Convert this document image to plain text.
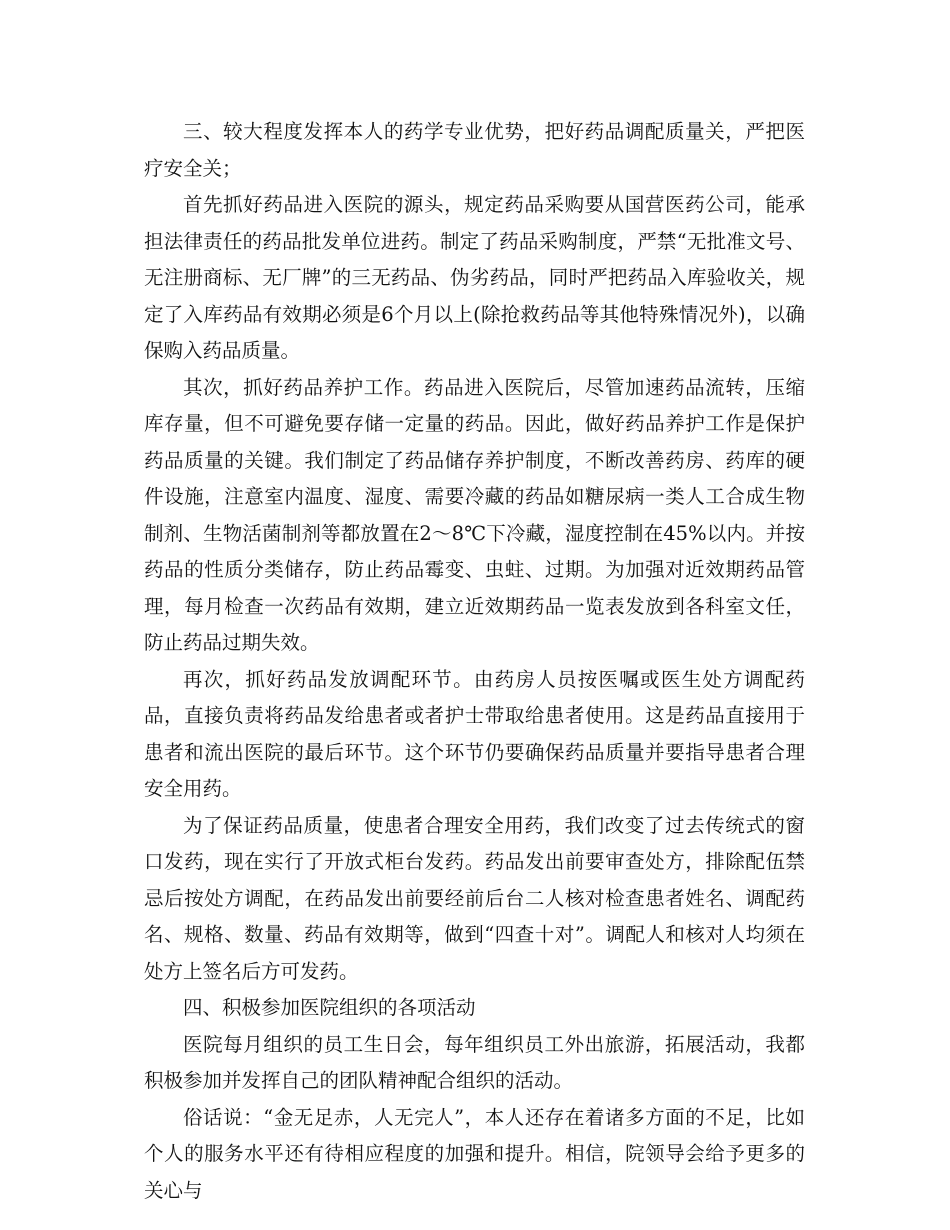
三、较大程度发挥本人的药学专业优势，把好药品调配质量关，严把医疗安全关；

首先抓好药品进入医院的源头，规定药品采购要从国营医药公司，能承担法律责任的药品批发单位进药。制定了药品采购制度，严禁“无批准文号、无注册商标、无厂牌”的三无药品、伪劣药品，同时严把药品入库验收关，规定了入库药品有效期必须是6个月以上(除抢救药品等其他特殊情况外)，以确保购入药品质量。

其次，抓好药品养护工作。药品进入医院后，尽管加速药品流转，压缩库存量，但不可避免要存储一定量的药品。因此，做好药品养护工作是保护药品质量的关键。我们制定了药品储存养护制度，不断改善药房、药库的硬件设施，注意室内温度、湿度、需要冷藏的药品如糖尿病一类人工合成生物制剂、生物活菌制剂等都放置在2～8℃下冷藏，湿度控制在45%以内。并按药品的性质分类储存，防止药品霉变、虫蛀、过期。为加强对近效期药品管理，每月检查一次药品有效期，建立近效期药品一览表发放到各科室文任，防止药品过期失效。

再次，抓好药品发放调配环节。由药房人员按医嘱或医生处方调配药品，直接负责将药品发给患者或者护士带取给患者使用。这是药品直接用于患者和流出医院的最后环节。这个环节仍要确保药品质量并要指导患者合理安全用药。

为了保证药品质量，使患者合理安全用药，我们改变了过去传统式的窗口发药，现在实行了开放式柜台发药。药品发出前要审查处方，排除配伍禁忌后按处方调配，在药品发出前要经前后台二人核对检查患者姓名、调配药名、规格、数量、药品有效期等，做到“四查十对”。调配人和核对人均须在处方上签名后方可发药。

四、积极参加医院组织的各项活动

医院每月组织的员工生日会，每年组织员工外出旅游，拓展活动，我都积极参加并发挥自己的团队精神配合组织的活动。

俗话说：“金无足赤，人无完人”，本人还存在着诸多方面的不足，比如个人的服务水平还有待相应程度的加强和提升。相信，院领导会给予更多的关心与
